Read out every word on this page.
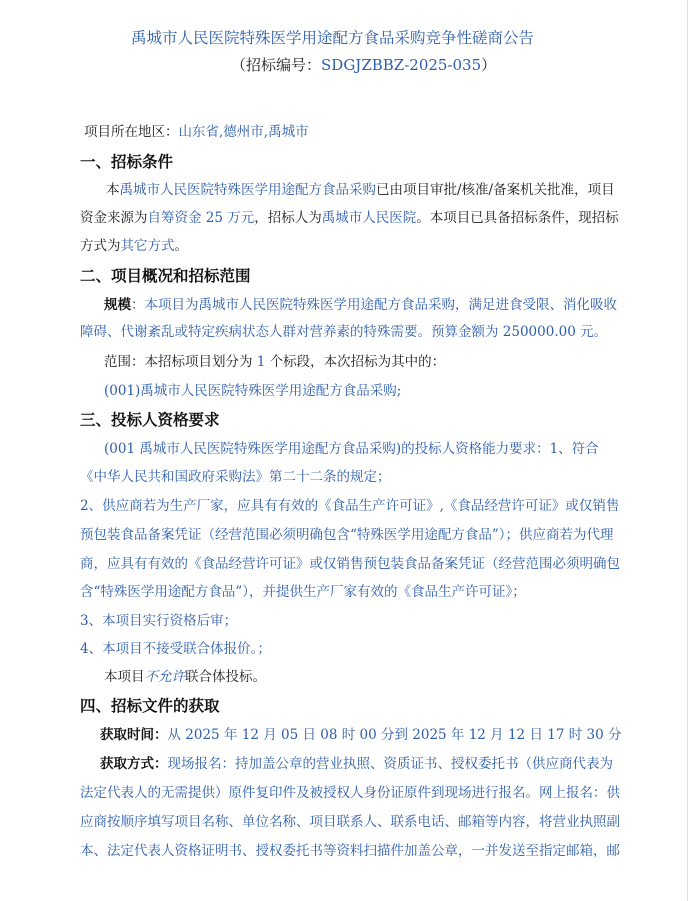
禹城市人民医院特殊医学用途配方食品采购竞争性磋商公告
（招标编号：SDGJZBBZ-2025-035）
项目所在地区：山东省,德州市,禹城市
一、招标条件
本禹城市人民医院特殊医学用途配方食品采购已由项目审批/核准/备案机关批准，项目
资金来源为自筹资金 25 万元，招标人为禹城市人民医院。本项目已具备招标条件，现招标
方式为其它方式。
二、项目概况和招标范围
规模：本项目为禹城市人民医院特殊医学用途配方食品采购，满足进食受限、消化吸收
障碍、代谢紊乱或特定疾病状态人群对营养素的特殊需要。预算金额为 250000.00 元。
范围：本招标项目划分为 1 个标段，本次招标为其中的：
(001)禹城市人民医院特殊医学用途配方食品采购;
三、投标人资格要求
(001 禹城市人民医院特殊医学用途配方食品采购)的投标人资格能力要求：1、符合
《中华人民共和国政府采购法》第二十二条的规定；
2、供应商若为生产厂家，应具有有效的《食品生产许可证》,《食品经营许可证》或仅销售
预包装食品备案凭证（经营范围必须明确包含“特殊医学用途配方食品”）；供应商若为代理
商，应具有有效的《食品经营许可证》或仅销售预包装食品备案凭证（经营范围必须明确包
含“特殊医学用途配方食品”），并提供生产厂家有效的《食品生产许可证》；
3、本项目实行资格后审；
4、本项目不接受联合体报价。；
本项目不允许联合体投标。
四、招标文件的获取
获取时间：从 2025 年 12 月 05 日 08 时 00 分到 2025 年 12 月 12 日 17 时 30 分
获取方式：现场报名：持加盖公章的营业执照、资质证书、授权委托书（供应商代表为
法定代表人的无需提供）原件复印件及被授权人身份证原件到现场进行报名。网上报名：供
应商按顺序填写项目名称、单位名称、项目联系人、联系电话、邮箱等内容，将营业执照副
本、法定代表人资格证明书、授权委托书等资料扫描件加盖公章，一并发送至指定邮箱，邮
